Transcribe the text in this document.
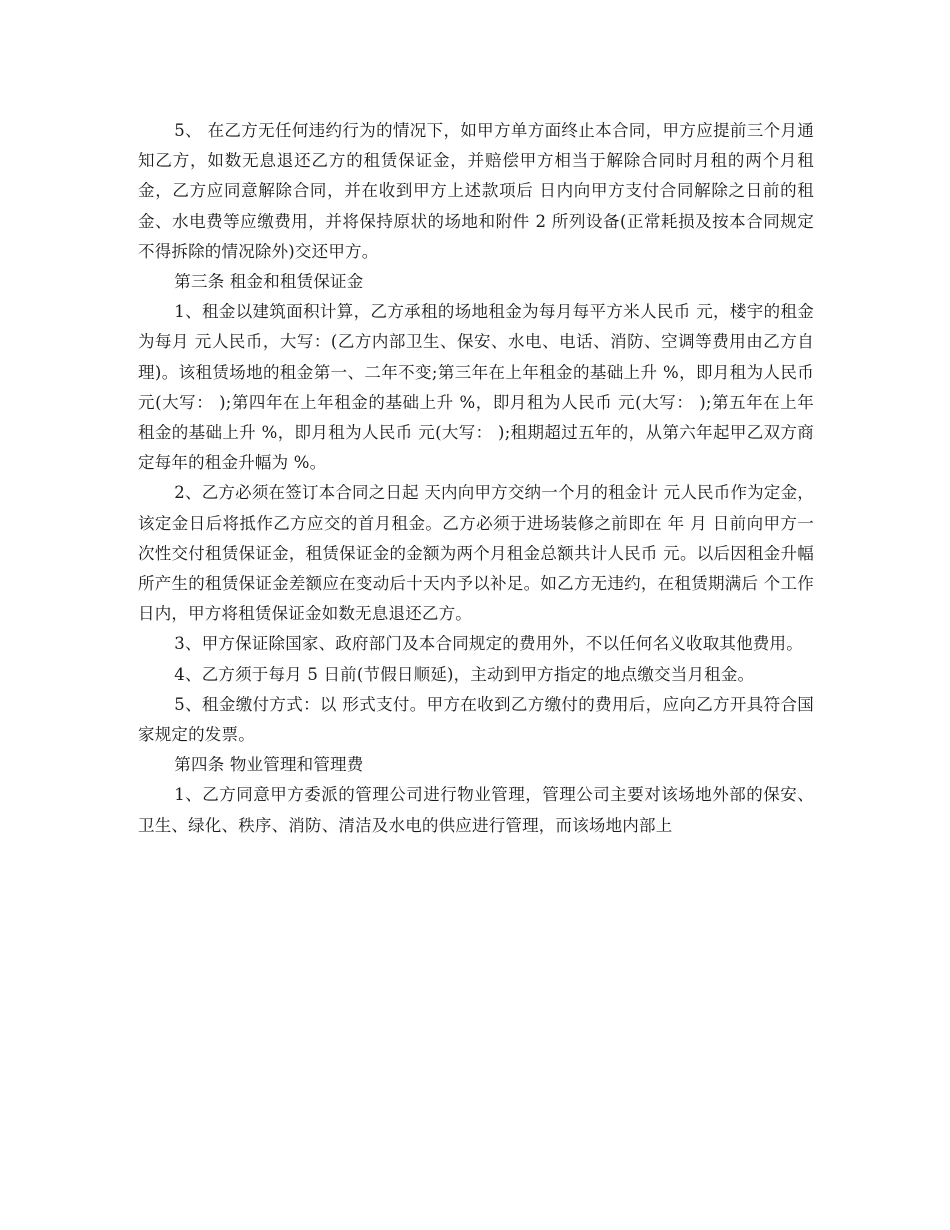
5、 在乙方无任何违约行为的情况下，如甲方单方面终止本合同，甲方应提前三个月通知乙方，如数无息退还乙方的租赁保证金，并赔偿甲方相当于解除合同时月租的两个月租金，乙方应同意解除合同，并在收到甲方上述款项后 日内向甲方支付合同解除之日前的租金、水电费等应缴费用，并将保持原状的场地和附件 2 所列设备(正常耗损及按本合同规定不得拆除的情况除外)交还甲方。

第三条 租金和租赁保证金

1、租金以建筑面积计算，乙方承租的场地租金为每月每平方米人民币 元，楼宇的租金为每月 元人民币，大写：(乙方内部卫生、保安、水电、电话、消防、空调等费用由乙方自理)。该租赁场地的租金第一、二年不变;第三年在上年租金的基础上升 %，即月租为人民币 元(大写： );第四年在上年租金的基础上升 %，即月租为人民币 元(大写： );第五年在上年租金的基础上升 %，即月租为人民币 元(大写： );租期超过五年的，从第六年起甲乙双方商定每年的租金升幅为 %。

2、乙方必须在签订本合同之日起 天内向甲方交纳一个月的租金计 元人民币作为定金，该定金日后将抵作乙方应交的首月租金。乙方必须于进场装修之前即在 年 月 日前向甲方一次性交付租赁保证金，租赁保证金的金额为两个月租金总额共计人民币 元。以后因租金升幅所产生的租赁保证金差额应在变动后十天内予以补足。如乙方无违约，在租赁期满后 个工作日内，甲方将租赁保证金如数无息退还乙方。

3、甲方保证除国家、政府部门及本合同规定的费用外，不以任何名义收取其他费用。

4、乙方须于每月 5 日前(节假日顺延)，主动到甲方指定的地点缴交当月租金。

5、租金缴付方式：以 形式支付。甲方在收到乙方缴付的费用后，应向乙方开具符合国家规定的发票。

第四条 物业管理和管理费

1、乙方同意甲方委派的管理公司进行物业管理，管理公司主要对该场地外部的保安、卫生、绿化、秩序、消防、清洁及水电的供应进行管理，而该场地内部上
